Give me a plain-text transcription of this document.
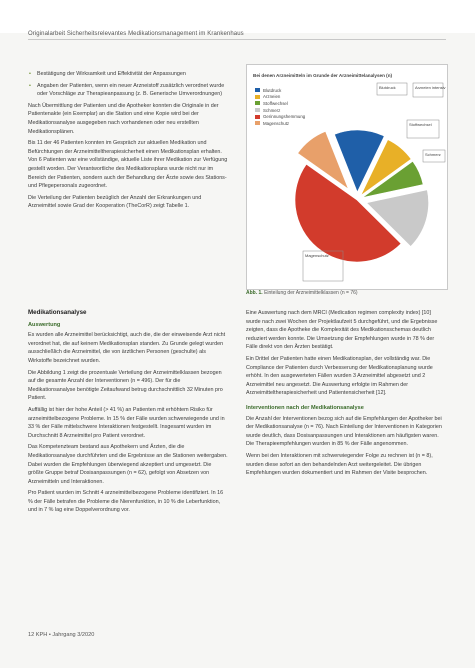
Originalarbeit Sicherheitsrelevantes Medikationsmanagement im Krankenhaus
• Bestätigung der Wirksamkeit und Effektivität der Anpassungen
• Angaben der Patienten, wenn ein neuer Arzneistoff zusätzlich verordnet wurde oder Vorschläge zur Therapieanpassung (z. B. Generische Umverordnungen)

Nach Übermittlung der Patienten und die Apotheker konnten die Originale in der Patientenakte (ein Exemplar) an die Station und eine Kopie wird bei der Medikationsanalyse ausgegeben nach vorhandenen oder neu erstellten Medikationsplänen.

Bis 11 der 46 Patienten konnten im Gespräch zur aktuellen Medikation und Befürchtungen der Arzneimitteltherapiesicherheit einen Medikationsplan erhalten. Von 6 Patienten war eine vollständige, aktuelle Liste ihrer Medikation zur Verfügung gestellt worden. Der Verantwortliche des Medikationsplans wurde nicht nur im Bereich der Patienten, sondern auch der Behandlung der Ärzte sowie des Stations- und Pflegepersonals zugeordnet.

Die Verteilung der Patienten bezüglich der Anzahl der Erkrankungen und Arzneimittel sowie Grad der Kooperation (TheCorR) zeigt Tabelle 1.

Bei denen Arzneimitteln im Grunde der Arzneimittelanalysen (n)
Blutdruck
Arzneien
Stoffwechsel
Schmerz
Gerinnungshemmung
Magenschutz
Blutdruck	Arzneien intensiv
Stoffwechsel
Schmerz
Magenschutz
Abb. 1. Einteilung der Arzneimittelklassen (n = 76)
Medikationsanalyse
Auswertung

Es wurden alle Arzneimittel berücksichtigt, auch die, die der einweisende Arzt nicht verordnet hat, die auf keinem Medikationsplan standen. Zu Grunde gelegt wurden ausschließlich die Arzneimittel, die von ärztlichen Personen (geschulte) als Wirkstoffe bezeichnet wurden.

Die Abbildung 1 zeigt die prozentuale Verteilung der Arzneimittelklassen bezogen auf die gesamte Anzahl der Interventionen (n = 496). Der für die Medikationsanalyse benötigte Zeitaufwand betrug durchschnittlich 32 Minuten pro Patient.

Auffällig ist hier der hohe Anteil (> 41 %) an Patienten mit erhöhtem Risiko für arzneimittelbezogene Probleme. In 15 % der Fälle wurden schwerwiegende und in 33 % der Fälle mittelschwere Interaktionen festgestellt. Insgesamt wurden im Durchschnitt 8 Arzneimittel pro Patient verordnet.

Das Kompetenzteam bestand aus Apothekern und Ärzten, die die Medikationsanalyse durchführten und die Ergebnisse an die Stationen weitergaben. Dabei wurden die Empfehlungen überwiegend akzeptiert und umgesetzt. Die größte Gruppe betraf Dosisanpassungen (n = 62), gefolgt von Absetzen von Arzneimitteln und Interaktionen.

Pro Patient wurden im Schnitt 4 arzneimittelbezogene Probleme identifiziert. In 16 % der Fälle betrafen die Probleme die Nierenfunktion, in 10 % die Leberfunktion, und in 7 % lag eine Doppelverordnung vor.

Eine Auswertung nach dem MRCI (Medication regimen complexity index) [10] wurde nach zwei Wochen der Projektlaufzeit 5 durchgeführt, und die Ergebnisse zeigten, dass die Apotheke die Komplexität des Medikationsschemas deutlich reduziert werden konnte. Die Umsetzung der Empfehlungen wurde in 78 % der Fälle direkt von den Ärzten bestätigt.

Ein Drittel der Patienten hatte einen Medikationsplan, der vollständig war. Die Compliance der Patienten durch Verbesserung der Medikationsplanung wurde erhöht. In den ausgewerteten Fällen wurden 3 Arzneimittel abgesetzt und 2 Arzneimittel neu angesetzt. Die Auswertung erfolgte im Rahmen der Arzneimitteltherapiesicherheit und Patientensicherheit [12].

Interventionen nach der Medikationsanalyse

Die Anzahl der Interventionen bezog sich auf die Empfehlungen der Apotheker bei der Medikationsanalyse (n = 76). Nach Einteilung der Interventionen in Kategorien wurde deutlich, dass Dosisanpassungen und Interaktionen am häufigsten waren. Die Therapieempfehlungen wurden in 85 % der Fälle angenommen.

Wenn bei den Interaktionen mit schwerwiegender Folge zu rechnen ist (n = 8), wurden diese sofort an den behandelnden Arzt weitergeleitet. Die übrigen Empfehlungen wurden dokumentiert und im Rahmen der Visite besprochen.

12 KPH • Jahrgang 3/2020
